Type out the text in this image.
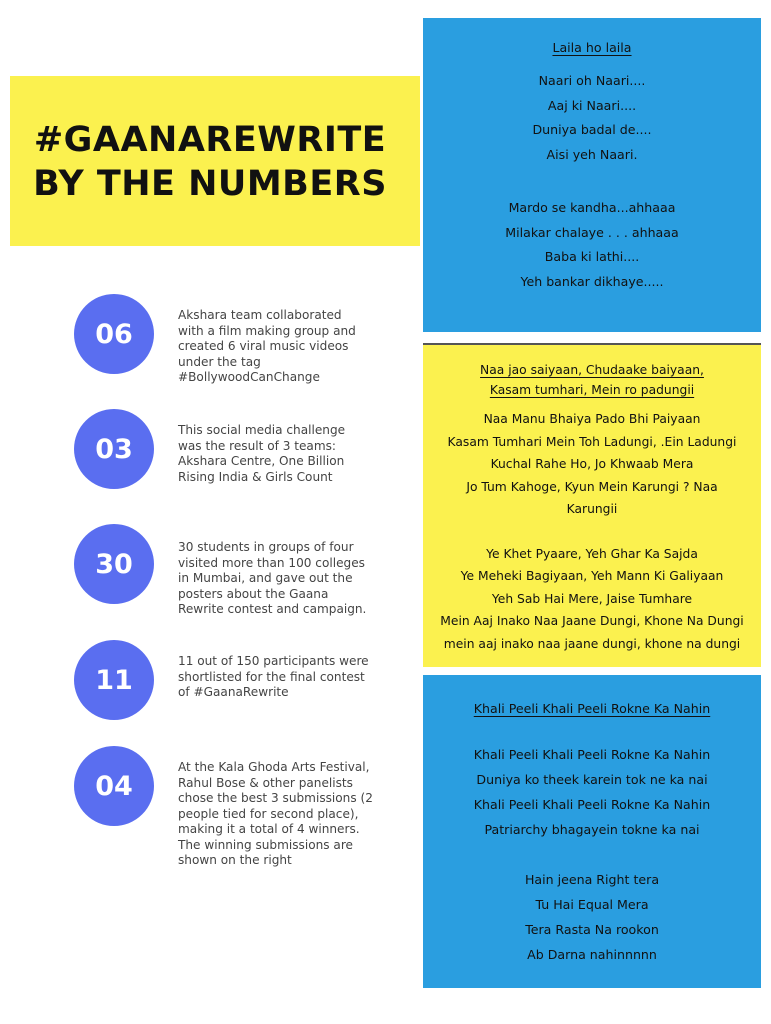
#GAANAREWRITE
BY THE NUMBERS
06
Akshara team collaborated
with a film making group and
created 6 viral music videos
under the tag
#BollywoodCanChange
03
This social media challenge
was the result of 3 teams:
Akshara Centre, One Billion
Rising India & Girls Count
30
30 students in groups of four
visited more than 100 colleges
in Mumbai, and gave out the
posters about the Gaana
Rewrite contest and campaign.
11
11 out of 150 participants were
shortlisted for the final contest
of #GaanaRewrite
04
At the Kala Ghoda Arts Festival,
Rahul Bose & other panelists
chose the best 3 submissions (2
people tied for second place),
making it a total of 4 winners.
The winning submissions are
shown on the right
Laila ho laila
Naari oh Naari....
Aaj ki Naari....
Duniya badal de....
Aisi yeh Naari.
Mardo se kandha...ahhaaa
Milakar chalaye . . . ahhaaa
Baba ki lathi....
Yeh bankar dikhaye.....
Naa jao saiyaan, Chudaake baiyaan,
Kasam tumhari, Mein ro padungii
Naa Manu Bhaiya Pado Bhi Paiyaan
Kasam Tumhari Mein Toh Ladungi, .Ein Ladungi
Kuchal Rahe Ho, Jo Khwaab Mera
Jo Tum Kahoge, Kyun Mein Karungi ? Naa
Karungii
Ye Khet Pyaare, Yeh Ghar Ka Sajda
Ye Meheki Bagiyaan, Yeh Mann Ki Galiyaan
Yeh Sab Hai Mere, Jaise Tumhare
Mein Aaj Inako Naa Jaane Dungi, Khone Na Dungi
mein aaj inako naa jaane dungi, khone na dungi
Khali Peeli Khali Peeli Rokne Ka Nahin
Khali Peeli Khali Peeli Rokne Ka Nahin
Duniya ko theek karein tok ne ka nai
Khali Peeli Khali Peeli Rokne Ka Nahin
Patriarchy bhagayein tokne ka nai
Hain jeena Right tera
Tu Hai Equal Mera
Tera Rasta Na rookon
Ab Darna nahinnnnn
